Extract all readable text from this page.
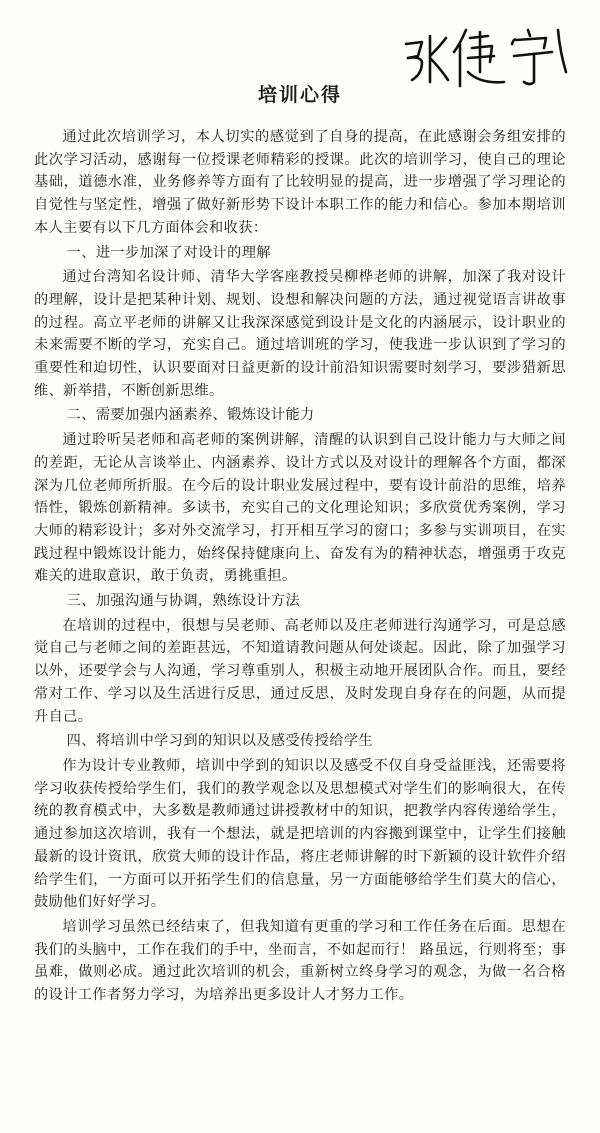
培训心得

通过此次培训学习，本人切实的感觉到了自身的提高，在此感谢会务组安排的此次学习活动，感谢每一位授课老师精彩的授课。此次的培训学习，使自己的理论基础，道德水准，业务修养等方面有了比较明显的提高，进一步增强了学习理论的自觉性与坚定性，增强了做好新形势下设计本职工作的能力和信心。参加本期培训本人主要有以下几方面体会和收获：

一、进一步加深了对设计的理解

通过台湾知名设计师、清华大学客座教授吴柳桦老师的讲解，加深了我对设计的理解，设计是把某种计划、规划、设想和解决问题的方法，通过视觉语言讲故事的过程。高立平老师的讲解又让我深深感觉到设计是文化的内涵展示，设计职业的未来需要不断的学习，充实自己。通过培训班的学习，使我进一步认识到了学习的重要性和迫切性，认识要面对日益更新的设计前沿知识需要时刻学习，要涉猎新思维、新举措，不断创新思维。

二、需要加强内涵素养、锻炼设计能力

通过聆听吴老师和高老师的案例讲解，清醒的认识到自己设计能力与大师之间的差距，无论从言谈举止、内涵素养、设计方式以及对设计的理解各个方面，都深深为几位老师所折服。在今后的设计职业发展过程中，要有设计前沿的思维，培养悟性，锻炼创新精神。多读书，充实自己的文化理论知识；多欣赏优秀案例，学习大师的精彩设计；多对外交流学习，打开相互学习的窗口；多参与实训项目，在实践过程中锻炼设计能力，始终保持健康向上、奋发有为的精神状态，增强勇于攻克难关的进取意识，敢于负责，勇挑重担。

三、加强沟通与协调，熟练设计方法

在培训的过程中，很想与吴老师、高老师以及庄老师进行沟通学习，可是总感觉自己与老师之间的差距甚远，不知道请教问题从何处谈起。因此，除了加强学习以外，还要学会与人沟通，学习尊重别人，积极主动地开展团队合作。而且，要经常对工作、学习以及生活进行反思，通过反思，及时发现自身存在的问题，从而提升自己。

四、将培训中学习到的知识以及感受传授给学生

作为设计专业教师，培训中学到的知识以及感受不仅自身受益匪浅，还需要将学习收获传授给学生们，我们的教学观念以及思想模式对学生们的影响很大，在传统的教育模式中，大多数是教师通过讲授教材中的知识，把教学内容传递给学生，通过参加这次培训，我有一个想法，就是把培训的内容搬到课堂中，让学生们接触最新的设计资讯，欣赏大师的设计作品，将庄老师讲解的时下新颖的设计软件介绍给学生们，一方面可以开拓学生们的信息量，另一方面能够给学生们莫大的信心，鼓励他们好好学习。

培训学习虽然已经结束了，但我知道有更重的学习和工作任务在后面。思想在我们的头脑中，工作在我们的手中，坐而言，不如起而行！ 路虽远，行则将至；事虽难，做则必成。通过此次培训的机会，重新树立终身学习的观念，为做一名合格的设计工作者努力学习，为培养出更多设计人才努力工作。
